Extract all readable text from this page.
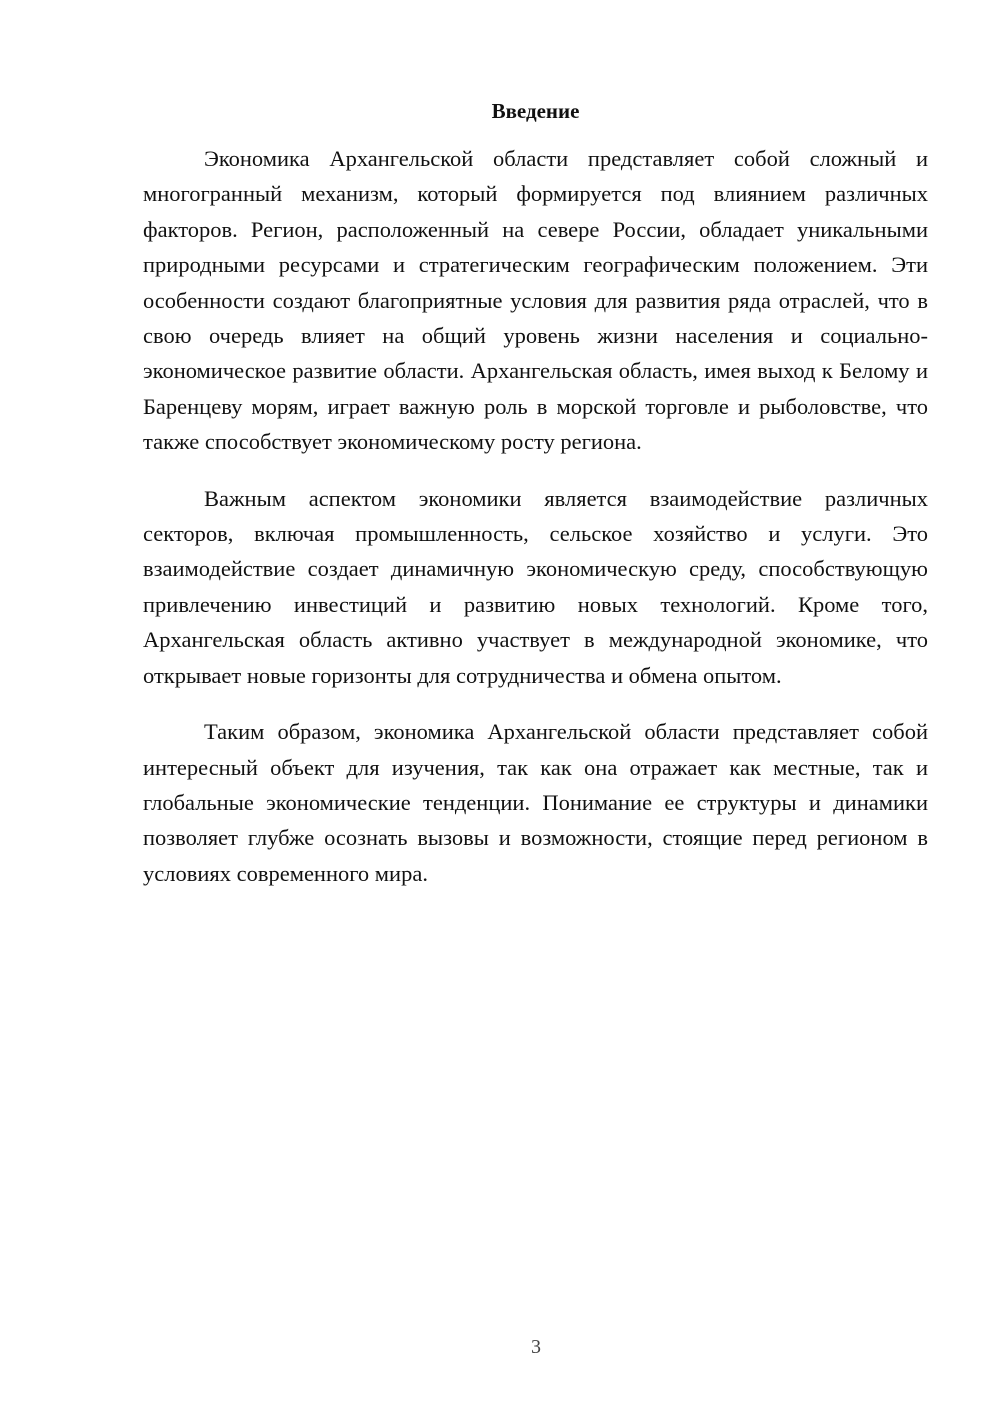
Введение

Экономика Архангельской области представляет собой сложный и многогранный механизм, который формируется под влиянием различных факторов. Регион, расположенный на севере России, обладает уникальными природными ресурсами и стратегическим географическим положением. Эти особенности создают благоприятные условия для развития ряда отраслей, что в свою очередь влияет на общий уровень жизни населения и социально-экономическое развитие области. Архангельская область, имея выход к Белому и Баренцеву морям, играет важную роль в морской торговле и рыболовстве, что также способствует экономическому росту региона.

Важным аспектом экономики является взаимодействие различных секторов, включая промышленность, сельское хозяйство и услуги. Это взаимодействие создает динамичную экономическую среду, способствующую привлечению инвестиций и развитию новых технологий. Кроме того, Архангельская область активно участвует в международной экономике, что открывает новые горизонты для сотрудничества и обмена опытом.

Таким образом, экономика Архангельской области представляет собой интересный объект для изучения, так как она отражает как местные, так и глобальные экономические тенденции. Понимание ее структуры и динамики позволяет глубже осознать вызовы и возможности, стоящие перед регионом в условиях современного мира.

3
